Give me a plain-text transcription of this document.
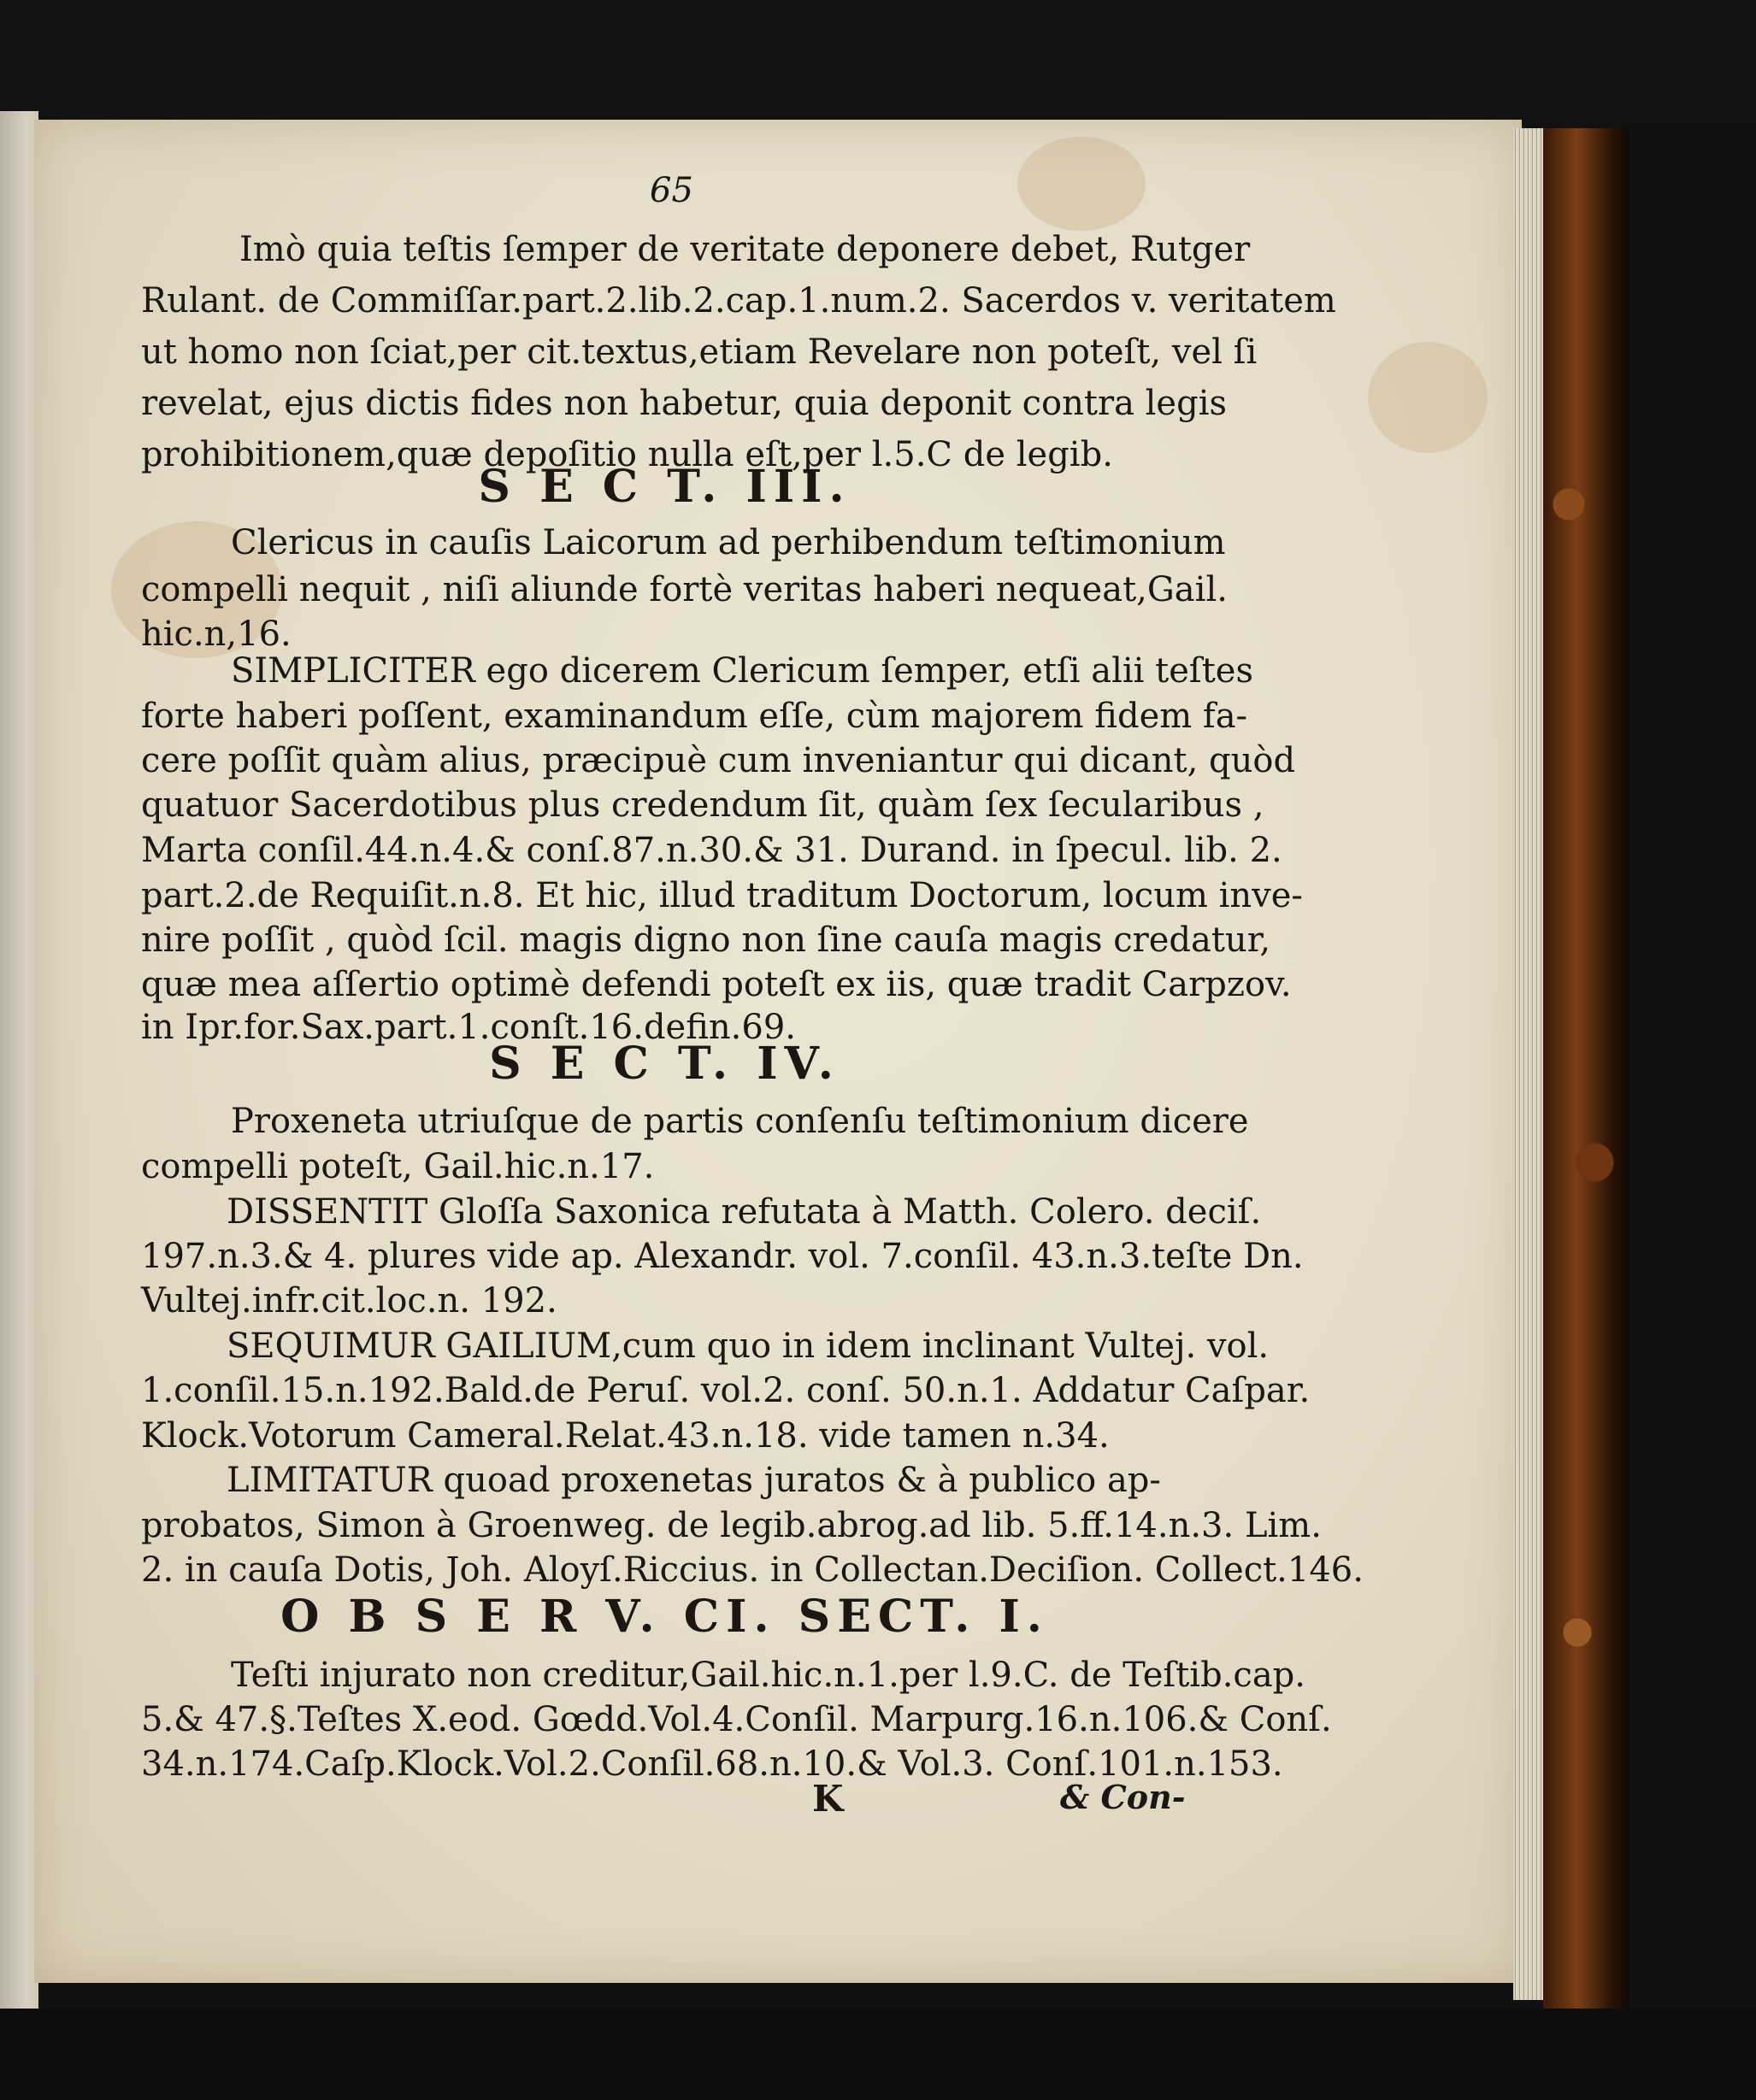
65
Imò quia teſtis ſemper de veritate deponere debet, Rutger
Rulant. de Commiſſar.part.2.lib.2.cap.1.num.2. Sacerdos v. veritatem
ut homo non ſciat,per cit.textus,etiam Revelare non poteſt, vel ſi
revelat, ejus dictis fides non habetur, quia deponit contra legis
prohibitionem,quæ depoſitio nulla eſt,per l.5.C de legib.
S E C T. III.
Clericus in cauſis Laicorum ad perhibendum teſtimonium
compelli nequit , niſi aliunde fortè veritas haberi nequeat,Gail.
hic.n,16.
SIMPLICITER ego dicerem Clericum ſemper, etſi alii teſtes
forte haberi poſſent, examinandum eſſe, cùm majorem fidem fa-
cere poſſit quàm alius, præcipuè cum inveniantur qui dicant, quòd
quatuor Sacerdotibus plus credendum ſit, quàm ſex ſecularibus ,
Marta conſil.44.n.4.& conſ.87.n.30.& 31. Durand. in ſpecul. lib. 2.
part.2.de Requiſit.n.8. Et hic, illud traditum Doctorum, locum inve-
nire poſſit , quòd ſcil. magis digno non ſine cauſa magis credatur,
quæ mea aſſertio optimè defendi poteſt ex iis, quæ tradit Carpzov.
in Ipr.for.Sax.part.1.conſt.16.defin.69.
S E C T. IV.
Proxeneta utriuſque de partis conſenſu teſtimonium dicere
compelli poteſt, Gail.hic.n.17.
DISSENTIT Gloſſa Saxonica refutata à Matth. Colero. deciſ.
197.n.3.& 4. plures vide ap. Alexandr. vol. 7.conſil. 43.n.3.teſte Dn.
Vultej.infr.cit.loc.n. 192.
SEQUIMUR GAILIUM,cum quo in idem inclinant Vultej. vol.
1.conſil.15.n.192.Bald.de Peruſ. vol.2. conſ. 50.n.1. Addatur Caſpar.
Klock.Votorum Cameral.Relat.43.n.18. vide tamen n.34.
LIMITATUR quoad proxenetas juratos & à publico ap-
probatos, Simon à Groenweg. de legib.abrog.ad lib. 5.ff.14.n.3. Lim.
2. in cauſa Dotis, Joh. Aloyſ.Riccius. in Collectan.Deciſion. Collect.146.
O B S E R V. CI. SECT. I.
Teſti injurato non creditur,Gail.hic.n.1.per l.9.C. de Teſtib.cap.
5.& 47.§.Teſtes X.eod. Gœdd.Vol.4.Conſil. Marpurg.16.n.106.& Conſ.
34.n.174.Caſp.Klock.Vol.2.Conſil.68.n.10.& Vol.3. Conſ.101.n.153.
K	& Con-
